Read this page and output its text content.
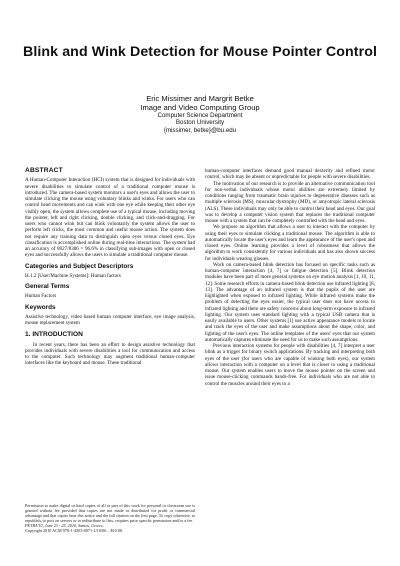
Blink and Wink Detection for Mouse Pointer Control
Eric Missimer and Margrit Betke
Image and Video Computing Group
Computer Science Department
Boston University
{missimer, betke}@bu.edu
ABSTRACT

A Human-Computer Interaction (HCI) system that is designed for individuals with severe disabilities to simulate control of a traditional computer mouse is introduced. The camera-based system monitors a user's eyes and allows the user to simulate clicking the mouse using voluntary blinks and winks. For users who can control head movements and can wink with one eye while keeping their other eye visibly open, the system allows complete use of a typical mouse, including moving the pointer, left and right clicking, double clicking, and click-and-dragging. For users who cannot wink but can blink voluntarily the system allows the user to perform left clicks, the most common and useful mouse action. The system does not require any training data to distinguish open eyes versus closed eyes. Eye classification is accomplished online during real-time interactions. The system had an accuracy of 8027/8306 = 96.6% in classifying sub-images with open or closed eyes and successfully allows the users to simulate a traditional computer mouse.

Categories and Subject Descriptors

H.1.2 [User/Machine Systems]: Human factors

General Terms

Human Factors

Keywords

Assistive technology, video based human computer interface, eye image analysis, mouse replacement system

1. INTRODUCTION

In recent years, there has been an effort to design assistive technology that provides individuals with severe disabilities a tool for communication and access to the computer. Such technology may augment traditional human-computer interfaces like the keyboard and mouse. These traditional

Permission to make digital or hard copies of all or part of this work for personal or classroom use is granted without fee provided that copies are not made or distributed for profit or commercial advantage and that copies bear this notice and the full citation on the first page. To copy otherwise, to republish, to post on servers or to redistribute to lists, requires prior specific permission and/or a fee.

PETRA'10, June 23 - 25, 2010, Samos, Greece.

Copyright 2010 ACM 978-1-4503-0071-1/10/06 ...$10.00.

human-computer interfaces demand good manual dexterity and refined motor control, which may be absent or unpredictable for people with severe disabilities.

The motivation of our research is to provide an alternative communication tool for non-verbal individuals whose motor abilities are extremely limited by conditions ranging from traumatic brain injuries to degenerative diseases such as multiple sclerosis (MS), muscular dystrophy (MD), or amyotropic lateral sclerosis (ALS). These individuals may only be able to control their head and eyes. Our goal was to develop a computer vision system that replaces the traditional computer mouse with a system that can be completely controlled with the head and eyes.

We propose an algorithm that allows a user to interact with the computer by using their eyes to simulate clicking a traditional mouse. The algorithm is able to automatically locate the user's eyes and learn the appearance of the user's open and closed eyes. Online learning provides a level of robustness that allows the algorithm to work consistently for various individuals and has also shown success for individuals wearing glasses.

Work on camera-based blink detection has focused on specific tasks such as human-computer interaction [4, 7] or fatigue detection [5]. Blink detection modules have been part of more general systems on eye motion analysis [1, 10, 11, 12]. Some research efforts in camera-based blink detection use infrared lighting [8, 13]. The advantage of an infrared system is that the pupils of the user are highlighted when exposed to infrared lighting. While infrared systems make the problem of detecting the eyes easier, the typical user does not have access to infrared lighting and there are safety concerns about long-term exposure to infrared lighting. Our system uses standard lighting with a typical USB camera that is easily available to users. Other systems [1] use active appearance models to locate and track the eyes of the user and make assumptions about the shape, color, and lighting of the user's eyes. The online templates of the users' eyes that our system automatically captures eliminate the need for us to make such assumptions.

Previous interaction systems for people with disabilities [4, 7] interpret a user blink as a trigger for binary switch applications. By tracking and interpreting both eyes of the user (for users who are capable of winking both eyes), our system allows interaction with a computer on a level that is closer to using a traditional mouse. Our system enables users to move the mouse pointer on the screen and issue mouse-clicking commands hands-free. For individuals who are not able to control the muscles around their eyes to a
